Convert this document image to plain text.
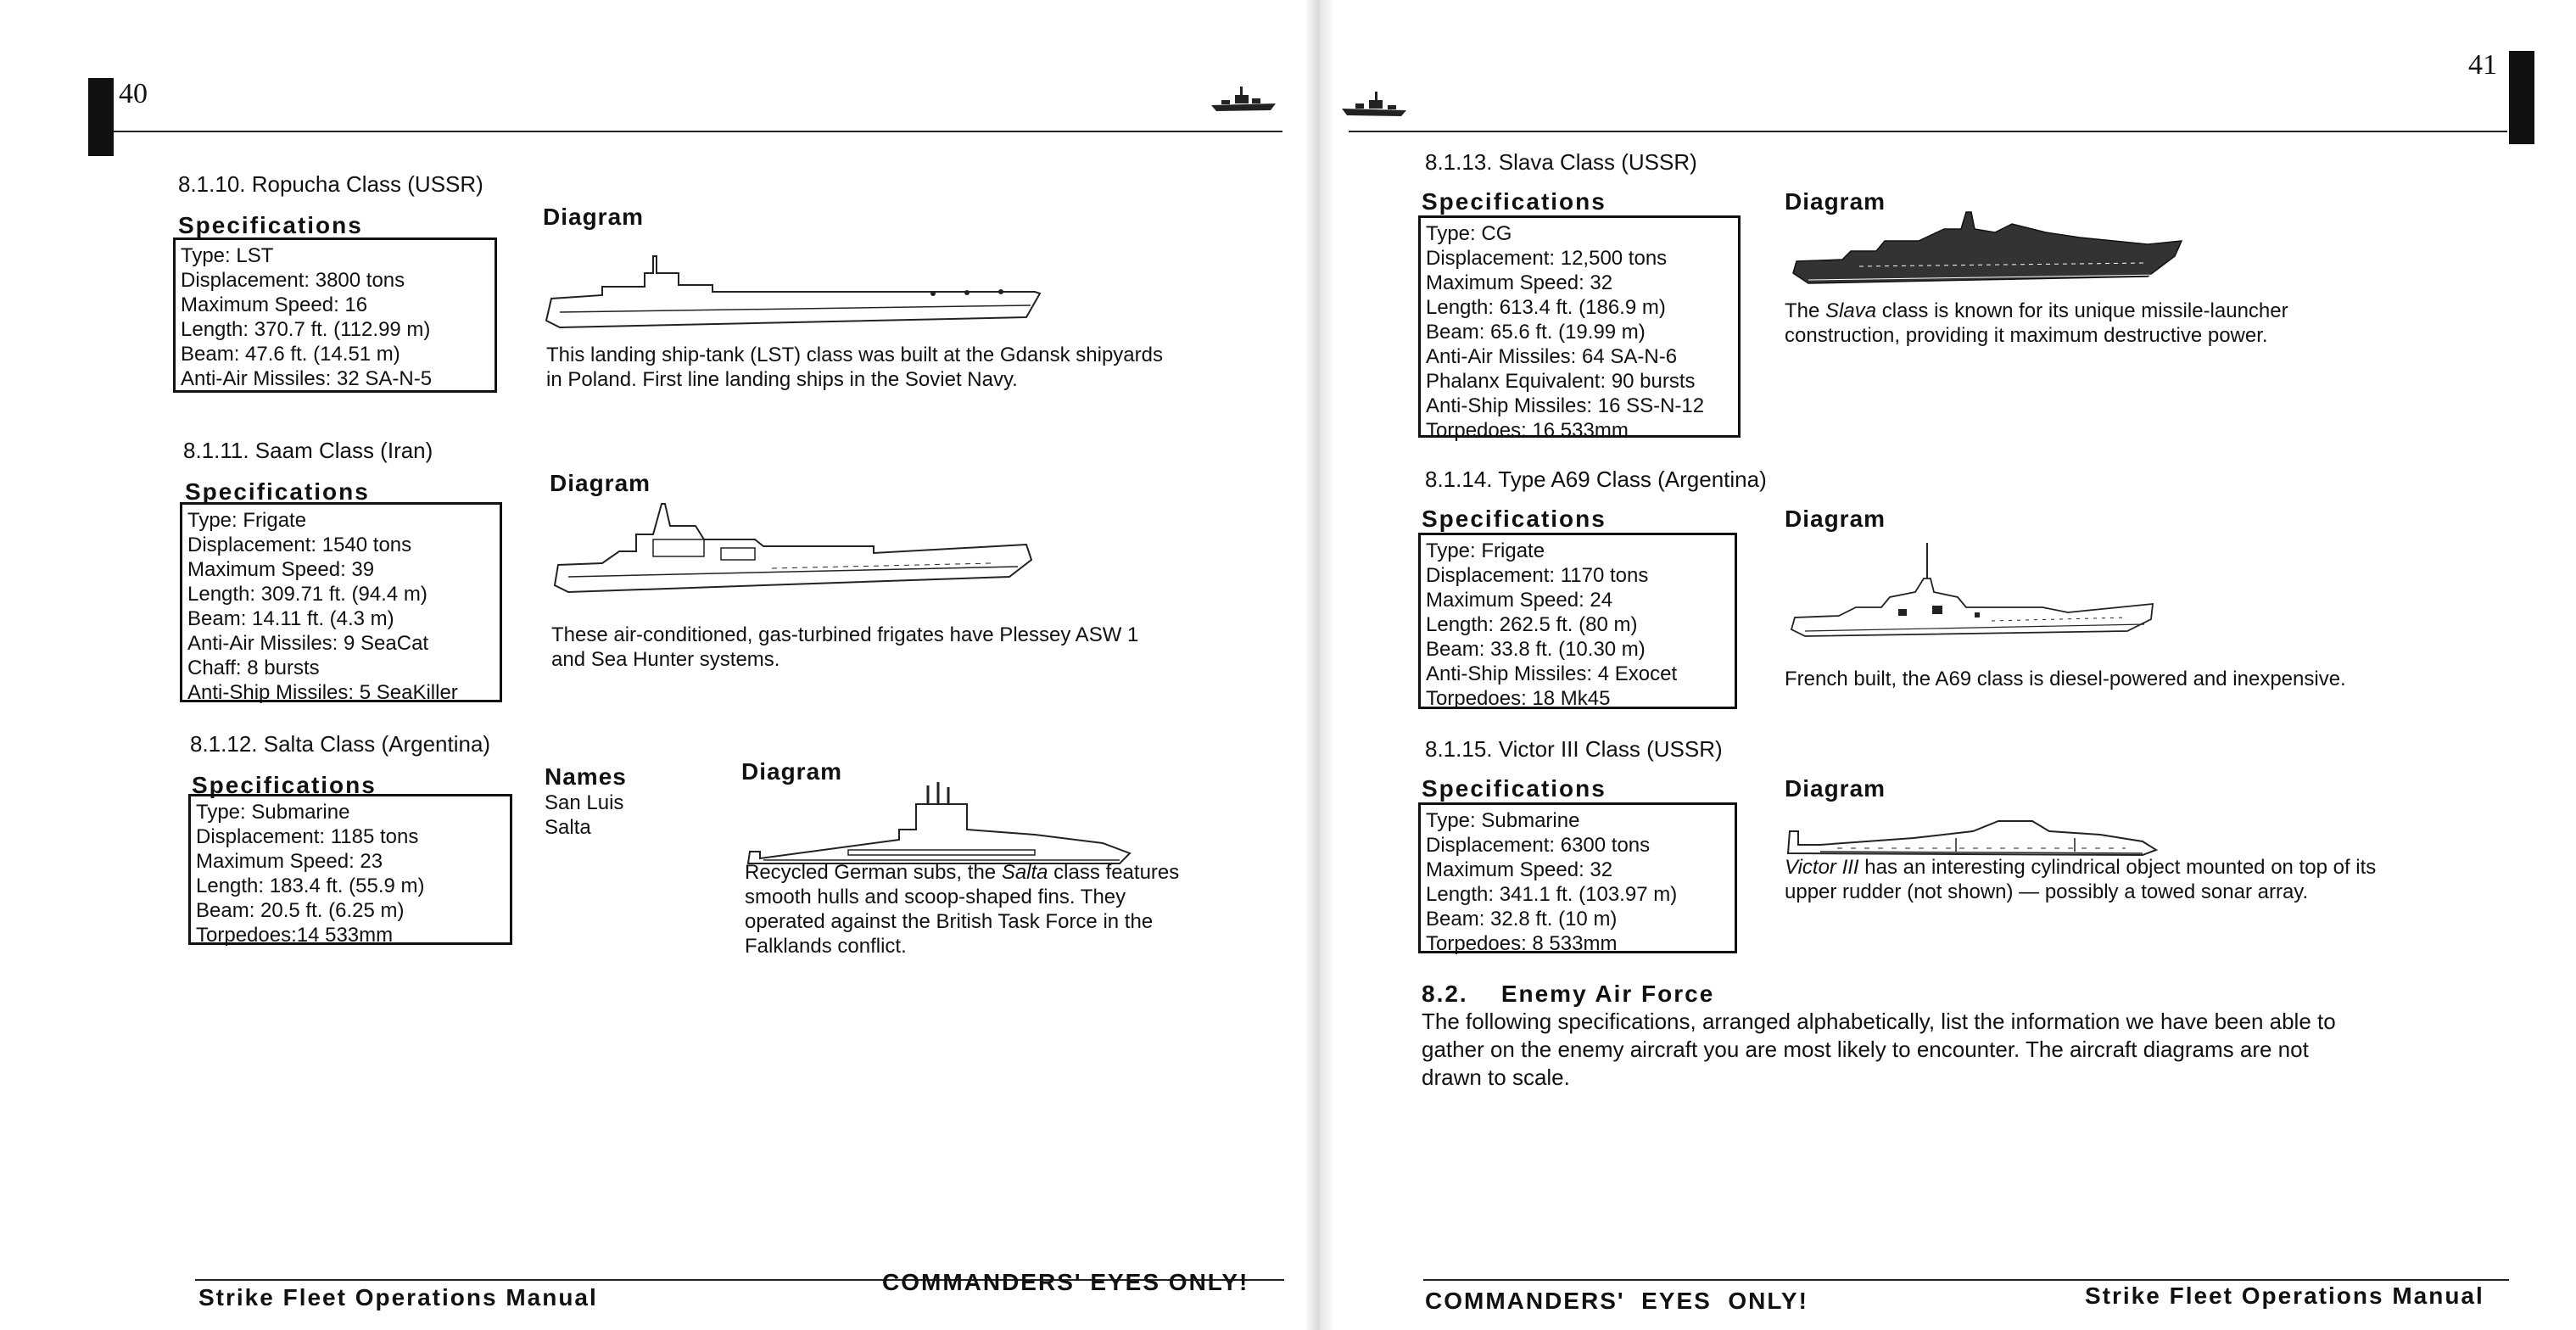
40
8.1.10. Ropucha Class (USSR)
Specifications	Diagram
Type: LST
Displacement: 3800 tons
Maximum Speed: 16
Length: 370.7 ft. (112.99 m)
Beam: 47.6 ft. (14.51 m)
Anti-Air Missiles: 32 SA-N-5
This landing ship-tank (LST) class was built at the Gdansk shipyards
in Poland. First line landing ships in the Soviet Navy.
8.1.11. Saam Class (Iran)
Specifications	Diagram
Type: Frigate
Displacement: 1540 tons
Maximum Speed: 39
Length: 309.71 ft. (94.4 m)
Beam: 14.11 ft. (4.3 m)
Anti-Air Missiles: 9 SeaCat
Chaff: 8 bursts
Anti-Ship Missiles: 5 SeaKiller
These air-conditioned, gas-turbined frigates have Plessey ASW 1
and Sea Hunter systems.
8.1.12. Salta Class (Argentina)
Specifications	Names
San Luis
Salta
Diagram
Type: Submarine
Displacement: 1185 tons
Maximum Speed: 23
Length: 183.4 ft. (55.9 m)
Beam: 20.5 ft. (6.25 m)
Torpedoes:14 533mm
Recycled German subs, the Salta class features
smooth hulls and scoop-shaped fins. They
operated against the British Task Force in the
Falklands conflict.
Strike Fleet Operations Manual
COMMANDERS' EYES ONLY!
41
8.1.13. Slava Class (USSR)
Specifications	Diagram
Type: CG
Displacement: 12,500 tons
Maximum Speed: 32
Length: 613.4 ft. (186.9 m)
Beam: 65.6 ft. (19.99 m)
Anti-Air Missiles: 64 SA-N-6
Phalanx Equivalent: 90 bursts
Anti-Ship Missiles: 16 SS-N-12
Torpedoes: 16 533mm
The Slava class is known for its unique missile-launcher
construction, providing it maximum destructive power.
8.1.14. Type A69 Class (Argentina)
Specifications	Diagram
Type: Frigate
Displacement: 1170 tons
Maximum Speed: 24
Length: 262.5 ft. (80 m)
Beam: 33.8 ft. (10.30 m)
Anti-Ship Missiles: 4 Exocet
Torpedoes: 18 Mk45
French built, the A69 class is diesel-powered and inexpensive.
8.1.15. Victor III Class (USSR)
Specifications	Diagram
Type: Submarine
Displacement: 6300 tons
Maximum Speed: 32
Length: 341.1 ft. (103.97 m)
Beam: 32.8 ft. (10 m)
Torpedoes: 8 533mm
Victor III has an interesting cylindrical object mounted on top of its
upper rudder (not shown) — possibly a towed sonar array.
8.2.    Enemy Air Force
The following specifications, arranged alphabetically, list the information we have been able to
gather on the enemy aircraft you are most likely to encounter. The aircraft diagrams are not
drawn to scale.
COMMANDERS'  EYES  ONLY!	Strike Fleet Operations Manual
